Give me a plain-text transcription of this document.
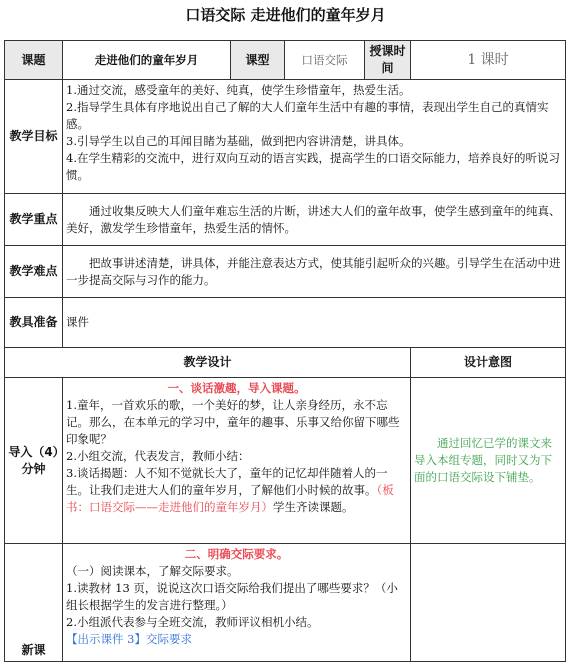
口语交际 走进他们的童年岁月
课题	走进他们的童年岁月	课型	口语交际	授课时间	1 课时
教学目标	1.通过交流，感受童年的美好、纯真，使学生珍惜童年，热爱生活。

2.指导学生具体有序地说出自己了解的大人们童年生活中有趣的事情，表现出学生自己的真情实感。

3.引导学生以自己的耳闻目睹为基础，做到把内容讲清楚，讲具体。

4.在学生精彩的交流中，进行双向互动的语言实践，提高学生的口语交际能力，培养良好的听说习惯。				

教学重点	通过收集反映大人们童年难忘生活的片断，讲述大人们的童年故事，使学生感到童年的纯真、美好，激发学生珍惜童年，热爱生活的情怀。				
教学难点	把故事讲述清楚，讲具体，并能注意表达方式，使其能引起听众的兴趣。引导学生在活动中进一步提高交际与习作的能力。				
教具准备	课件				
教学设计					设计意图
导入（4）分钟	一、谈话激趣，导入课题。

1.童年，一首欢乐的歌，一个美好的梦，让人亲身经历，永不忘记。那么，在本单元的学习中，童年的趣事、乐事又给你留下哪些印象呢？

2.小组交流，代表发言，教师小结：

3.谈话揭题：人不知不觉就长大了，童年的记忆却伴随着人的一生。让我们走进大人们的童年岁月，了解他们小时候的故事。（板书：口语交际——走进他们的童年岁月）学生齐读课题。				通过回忆已学的课文来导入本组专题，同时又为下面的口语交际设下铺垫。
新课	二、明确交际要求。

（一）阅读课本，了解交际要求。

1.读教材 13 页，说说这次口语交际给我们提出了哪些要求？（小组长根据学生的发言进行整理。）

2.小组派代表参与全班交流，教师评议相机小结。

【出示课件 3】交际要求				
